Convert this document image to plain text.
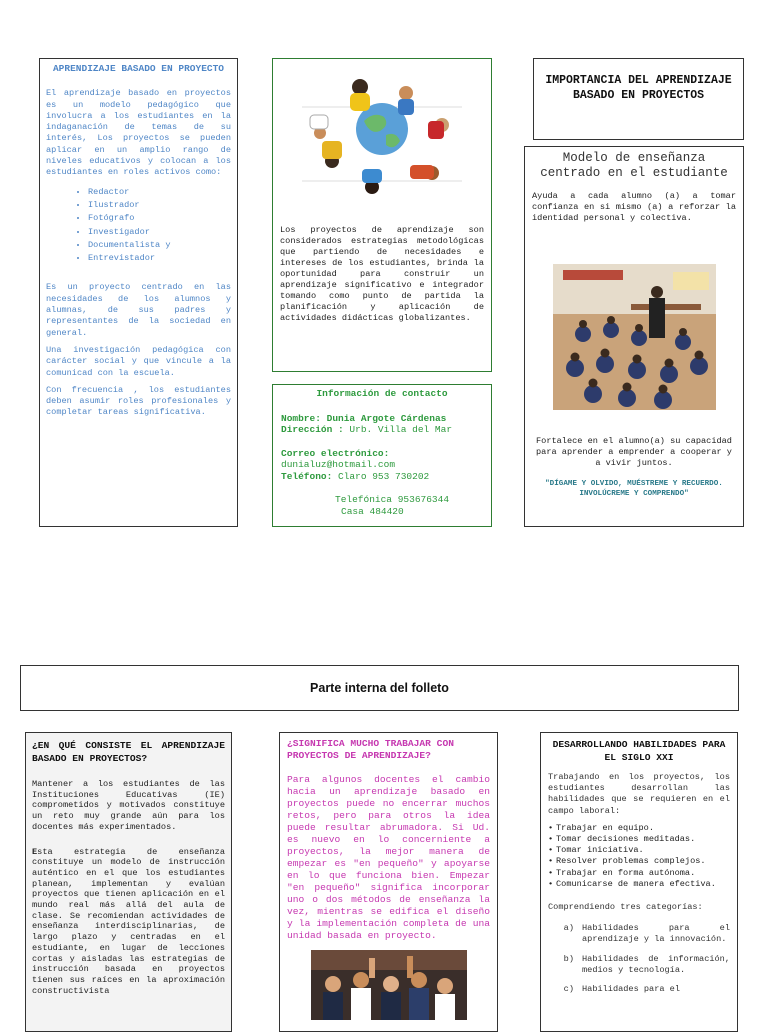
APRENDIZAJE BASADO EN PROYECTO

El aprendizaje basado en proyectos es un modelo pedagógico que involucra a los estudiantes en la indaganación de temas de su interés, Los proyectos se pueden aplicar en un amplio rango de niveles educativos y colocan a los estudiantes en roles activos como:

• Redactor
• Ilustrador
• Fotógrafo
• Investigador
• Documentalista y
• Entrevistador

Es un proyecto centrado en las necesidades de los alumnos y alumnas, de sus padres y representantes de la sociedad en general.

Una investigación pedagógica con carácter social y que vincule a la comunicad con la escuela.

Con frecuencia , los estudiantes deben asumir roles profesionales y completar tareas significativa.

Los proyectos de aprendizaje son considerados estrategias metodológicas que partiendo de necesidades e intereses de los estudiantes, brinda la oportunidad para construir un aprendizaje significativo e integrador tomando como punto de partida la planificación y aplicación de actividades didácticas globalizantes.

Información de contacto
Nombre: Dunia Argote Cárdenas
Dirección : Urb. Villa del Mar
Correo electrónico:
dunialuz@hotmail.com
Teléfono: Claro 953 730202
Telefónica 953676344
Casa 484420
IMPORTANCIA DEL APRENDIZAJE BASADO EN PROYECTOS
Modelo de enseñanza centrado en el estudiante

Ayuda a cada alumno (a) a tomar confianza en si mismo (a) a reforzar la identidad personal y colectiva.

Fortalece en el alumno(a) su capacidad para aprender a emprender a cooperar y a vivir juntos.

"DÍGAME Y OLVIDO, MUÉSTREME Y RECUERDO. INVOLÚCREME Y COMPRENDO"

Parte interna del folleto
¿EN QUÉ CONSISTE EL APRENDIZAJE BASADO EN PROYECTOS?

Mantener a los estudiantes de las Instituciones Educativas (IE) comprometidos y motivados constituye un reto muy grande aún para los docentes más experimentados.

Esta estrategia de enseñanza constituye un modelo de instrucción auténtico en el que los estudiantes planean, implementan y evalúan proyectos que tienen aplicación en el mundo real más allá del aula de clase. Se recomiendan actividades de enseñanza interdisciplinarias, de largo plazo y centradas en el estudiante, en lugar de lecciones cortas y aisladas las estrategias de instrucción basada en proyectos tienen sus raíces en la aproximación constructivista

¿SIGNIFICA MUCHO TRABAJAR CON PROYECTOS DE APRENDIZAJE?

Para algunos docentes el cambio hacia un aprendizaje basado en proyectos puede no encerrar muchos retos, pero para otros la idea puede resultar abrumadora. Si Ud. es nuevo en lo concerniente a proyectos, la mejor manera de empezar es "en pequeño" y apoyarse en lo que funciona bien. Empezar "en pequeño" significa incorporar uno o dos métodos de enseñanza la vez, mientras se edifica el diseño y la implementación completa de una unidad basada en proyecto.

DESARROLLANDO HABILIDADES PARA EL SIGLO XXI

Trabajando en los proyectos, los estudiantes desarrollan las habilidades que se requieren en el campo laboral:

• Trabajar en equipo.
• Tomar decisiones meditadas.
• Tomar iniciativa.
• Resolver problemas complejos.
• Trabajar en forma autónoma.
• Comunicarse de manera efectiva.

Comprendiendo tres categorías:

a) Habilidades para el aprendizaje y la innovación.
b) Habilidades de información, medios y tecnología.
c) Habilidades para el
